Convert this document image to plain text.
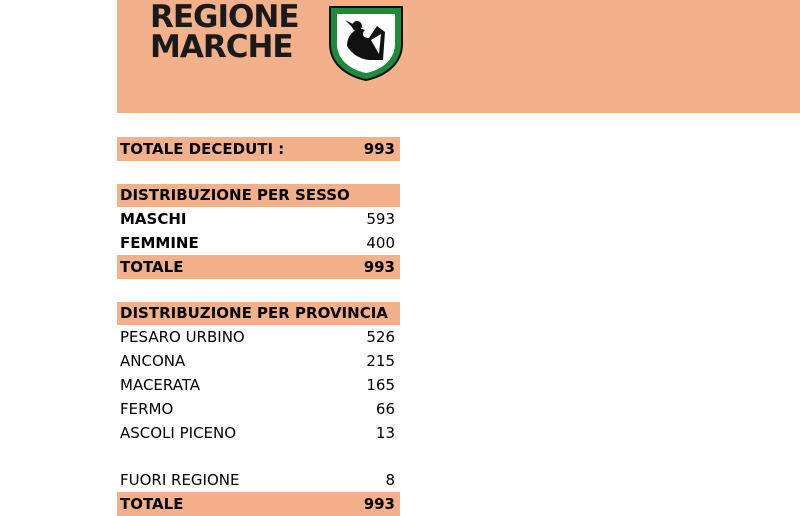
REGIONE
MARCHE
TOTALE DECEDUTI :	993
DISTRIBUZIONE PER SESSO
MASCHI	593
FEMMINE	400
TOTALE	993
DISTRIBUZIONE PER PROVINCIA
PESARO URBINO	526
ANCONA	215
MACERATA	165
FERMO	66
ASCOLI PICENO	13
FUORI REGIONE	8
TOTALE	993
